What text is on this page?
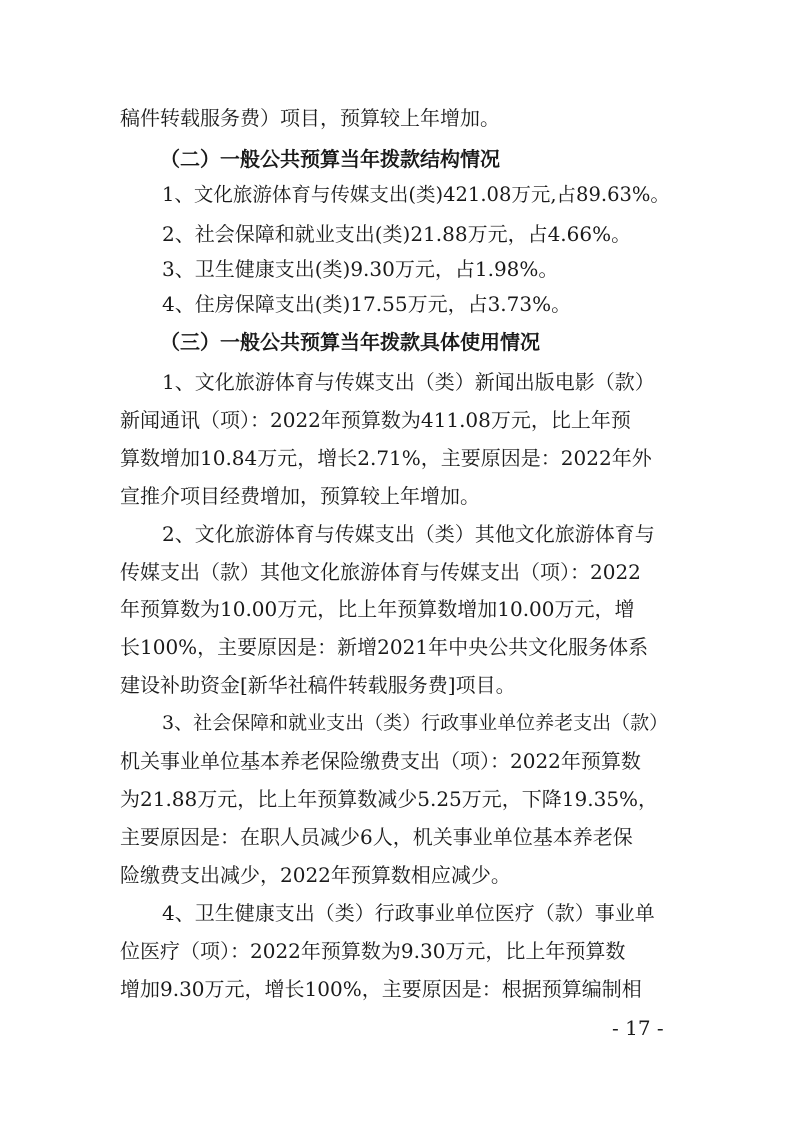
稿件转载服务费）项目，预算较上年增加。
（二）一般公共预算当年拨款结构情况
1、文化旅游体育与传媒支出(类)421.08万元,占89.63%。
2、社会保障和就业支出(类)21.88万元，占4.66%。
3、卫生健康支出(类)9.30万元，占1.98%。
4、住房保障支出(类)17.55万元，占3.73%。
（三）一般公共预算当年拨款具体使用情况
1、文化旅游体育与传媒支出（类）新闻出版电影（款）
新闻通讯（项）：2022年预算数为411.08万元，比上年预
算数增加10.84万元，增长2.71%，主要原因是：2022年外
宣推介项目经费增加，预算较上年增加。
2、文化旅游体育与传媒支出（类）其他文化旅游体育与
传媒支出（款）其他文化旅游体育与传媒支出（项）：2022
年预算数为10.00万元，比上年预算数增加10.00万元，增
长100%，主要原因是：新增2021年中央公共文化服务体系
建设补助资金[新华社稿件转载服务费]项目。
3、社会保障和就业支出（类）行政事业单位养老支出（款）
机关事业单位基本养老保险缴费支出（项）：2022年预算数
为21.88万元，比上年预算数减少5.25万元，下降19.35%，
主要原因是：在职人员减少6人，机关事业单位基本养老保
险缴费支出减少，2022年预算数相应减少。
4、卫生健康支出（类）行政事业单位医疗（款）事业单
位医疗（项）：2022年预算数为9.30万元，比上年预算数
增加9.30万元，增长100%，主要原因是：根据预算编制相
- 17 -
